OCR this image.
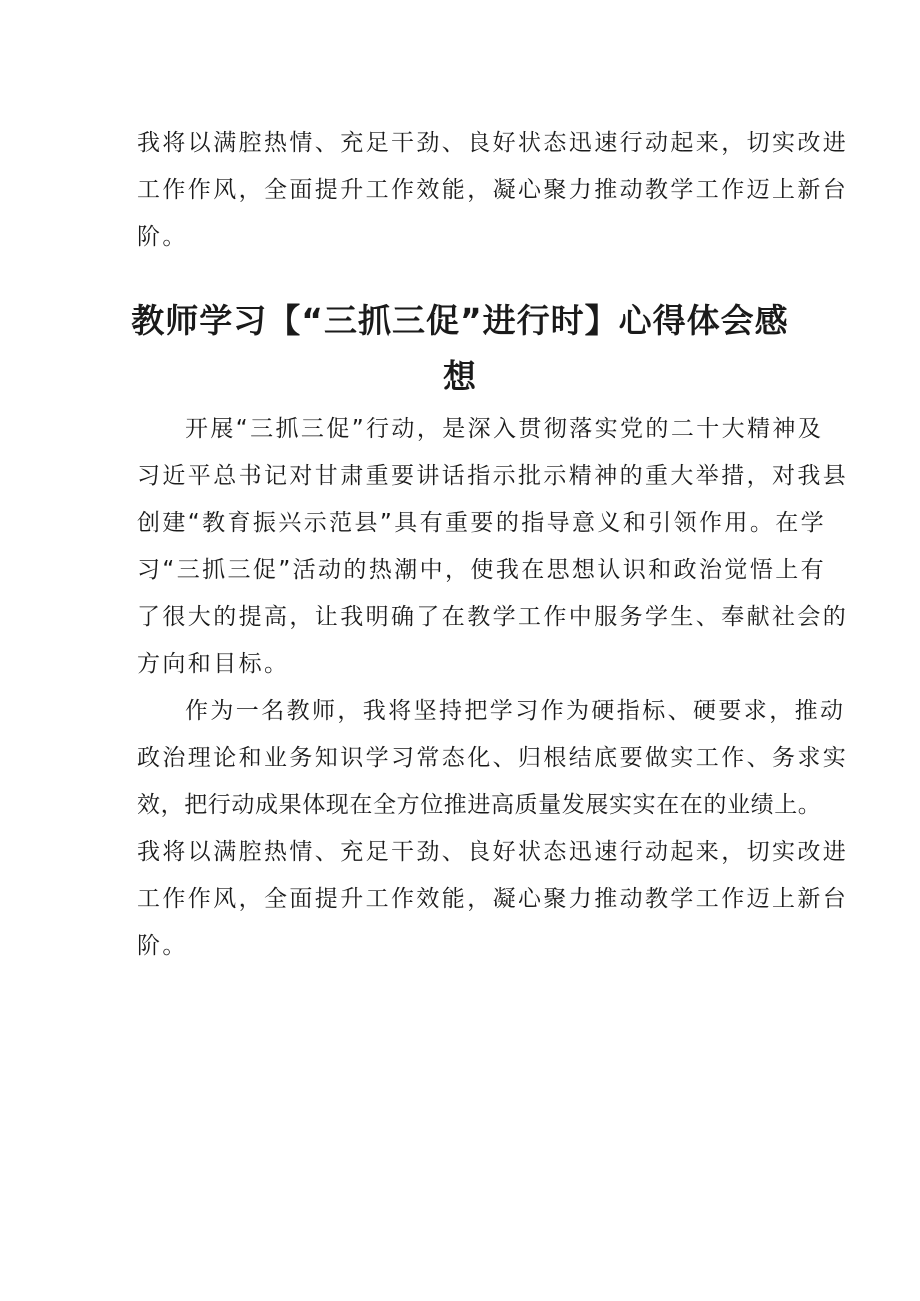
我将以满腔热情、充足干劲、良好状态迅速行动起来，切实改进
工作作风，全面提升工作效能，凝心聚力推动教学工作迈上新台
阶。
教师学习【“三抓三促”进行时】心得体会感
想
开展“三抓三促”行动，是深入贯彻落实党的二十大精神及
习近平总书记对甘肃重要讲话指示批示精神的重大举措，对我县
创建“教育振兴示范县”具有重要的指导意义和引领作用。在学
习“三抓三促”活动的热潮中，使我在思想认识和政治觉悟上有
了很大的提高，让我明确了在教学工作中服务学生、奉献社会的
方向和目标。
作为一名教师，我将坚持把学习作为硬指标、硬要求，推动
政治理论和业务知识学习常态化、归根结底要做实工作、务求实
效，把行动成果体现在全方位推进高质量发展实实在在的业绩上。
我将以满腔热情、充足干劲、良好状态迅速行动起来，切实改进
工作作风，全面提升工作效能，凝心聚力推动教学工作迈上新台
阶。
